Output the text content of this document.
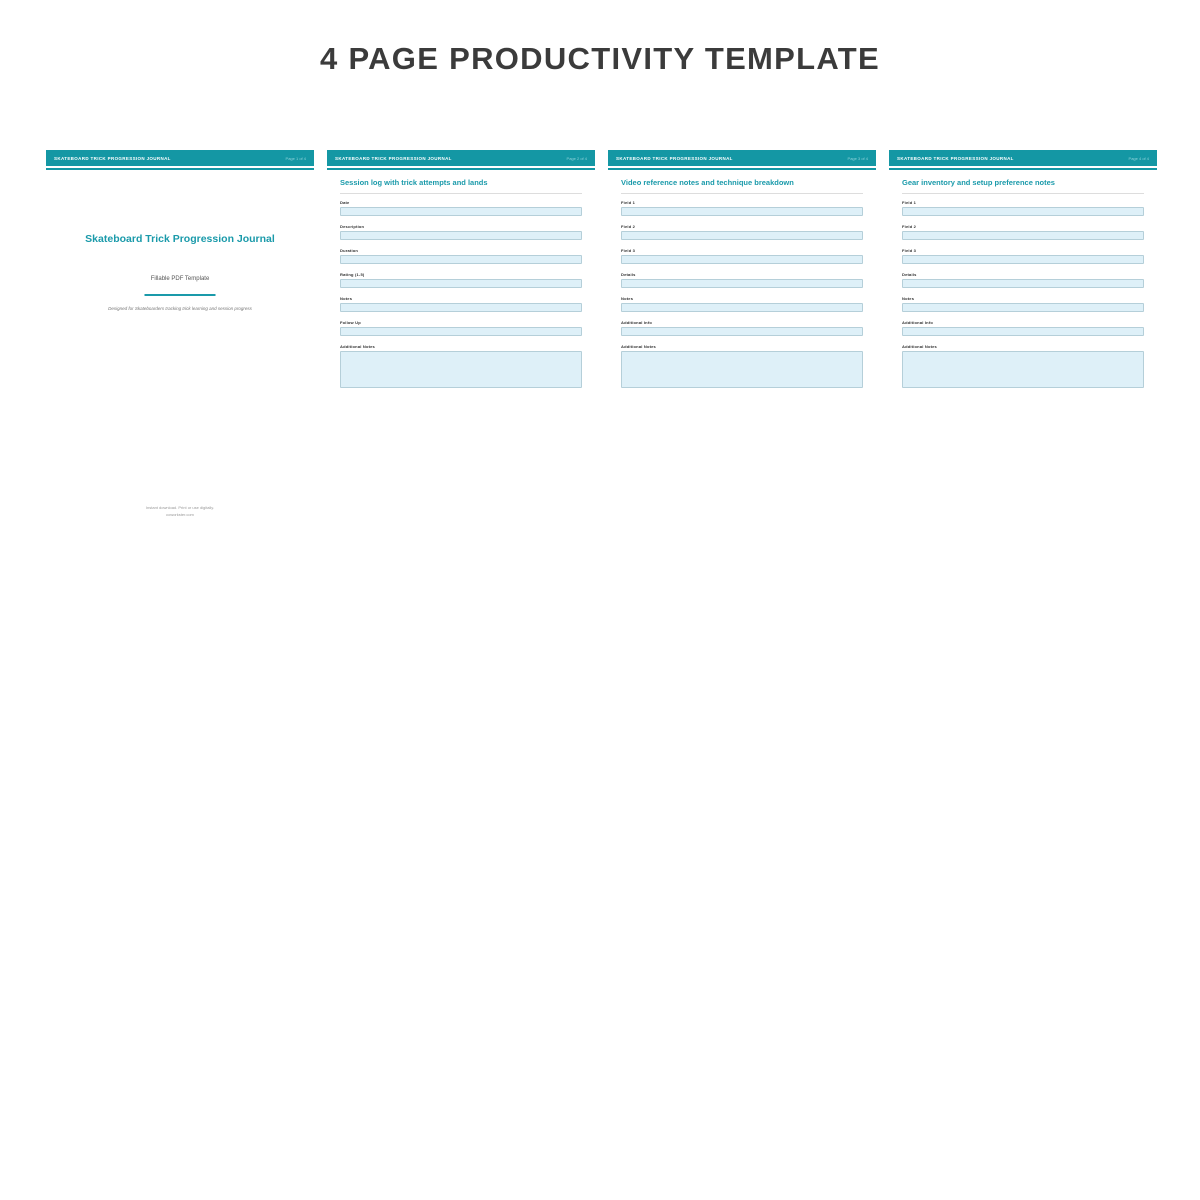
4 PAGE PRODUCTIVITY TEMPLATE
SKATEBOARD TRICK PROGRESSION JOURNAL	Page 1 of 4
Skateboard Trick Progression Journal
Fillable PDF Template
Designed for Skateboarders tracking trick learning and session progress
Instant download. Print or use digitally.
coworkster.com
SKATEBOARD TRICK PROGRESSION JOURNAL	Page 2 of 4
Session log with trick attempts and lands
Date
Description
Duration
Rating (1-5)
Notes
Follow Up
Additional Notes
SKATEBOARD TRICK PROGRESSION JOURNAL	Page 3 of 4
Video reference notes and technique breakdown
Field 1
Field 2
Field 3
Details
Notes
Additional Info
Additional Notes
SKATEBOARD TRICK PROGRESSION JOURNAL	Page 4 of 4
Gear inventory and setup preference notes
Field 1
Field 2
Field 3
Details
Notes
Additional Info
Additional Notes
